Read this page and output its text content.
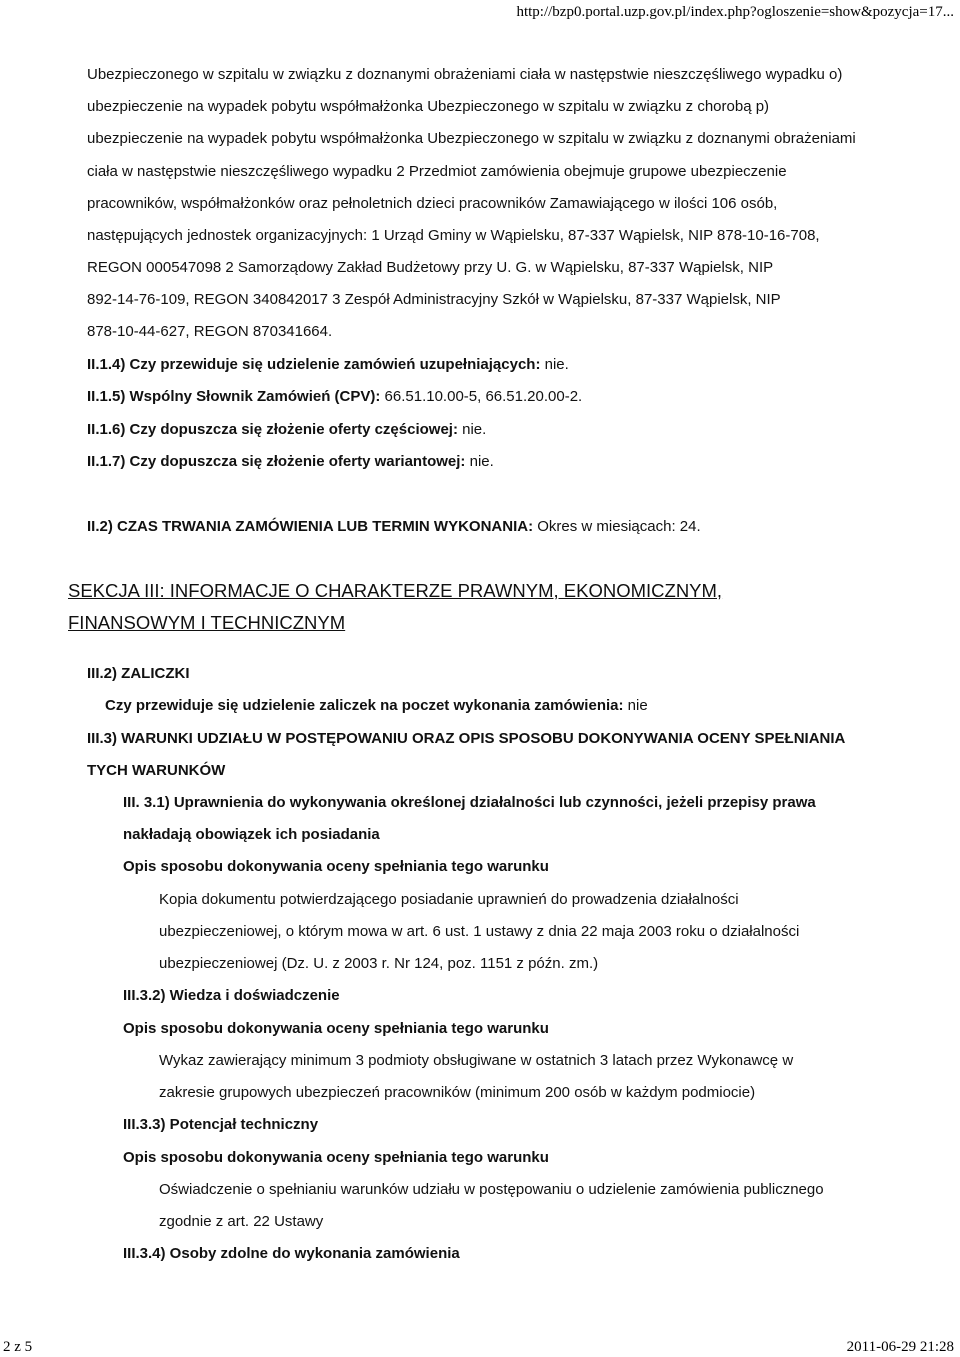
http://bzp0.portal.uzp.gov.pl/index.php?ogloszenie=show&pozycja=17...
Ubezpieczonego w szpitalu w związku z doznanymi obrażeniami ciała w następstwie nieszczęśliwego wypadku o)
ubezpieczenie na wypadek pobytu współmałżonka Ubezpieczonego w szpitalu w związku z chorobą p)
ubezpieczenie na wypadek pobytu współmałżonka Ubezpieczonego w szpitalu w związku z doznanymi obrażeniami
ciała w następstwie nieszczęśliwego wypadku 2 Przedmiot zamówienia obejmuje grupowe ubezpieczenie
pracowników, współmałżonków oraz pełnoletnich dzieci pracowników Zamawiającego w ilości 106 osób,
następujących jednostek organizacyjnych: 1 Urząd Gminy w Wąpielsku, 87-337 Wąpielsk, NIP 878-10-16-708,
REGON 000547098 2 Samorządowy Zakład Budżetowy przy U. G. w Wąpielsku, 87-337 Wąpielsk, NIP
892-14-76-109, REGON 340842017 3 Zespół Administracyjny Szkół w Wąpielsku, 87-337 Wąpielsk, NIP
878-10-44-627, REGON 870341664.
II.1.4) Czy przewiduje się udzielenie zamówień uzupełniających: nie.
II.1.5) Wspólny Słownik Zamówień (CPV): 66.51.10.00-5, 66.51.20.00-2.
II.1.6) Czy dopuszcza się złożenie oferty częściowej: nie.
II.1.7) Czy dopuszcza się złożenie oferty wariantowej: nie.
II.2) CZAS TRWANIA ZAMÓWIENIA LUB TERMIN WYKONANIA: Okres w miesiącach: 24.
SEKCJA III: INFORMACJE O CHARAKTERZE PRAWNYM, EKONOMICZNYM,
FINANSOWYM I TECHNICZNYM
III.2) ZALICZKI
Czy przewiduje się udzielenie zaliczek na poczet wykonania zamówienia: nie
III.3) WARUNKI UDZIAŁU W POSTĘPOWANIU ORAZ OPIS SPOSOBU DOKONYWANIA OCENY SPEŁNIANIA
TYCH WARUNKÓW
III. 3.1) Uprawnienia do wykonywania określonej działalności lub czynności, jeżeli przepisy prawa
nakładają obowiązek ich posiadania
Opis sposobu dokonywania oceny spełniania tego warunku
Kopia dokumentu potwierdzającego posiadanie uprawnień do prowadzenia działalności
ubezpieczeniowej, o którym mowa w art. 6 ust. 1 ustawy z dnia 22 maja 2003 roku o działalności
ubezpieczeniowej (Dz. U. z 2003 r. Nr 124, poz. 1151 z późn. zm.)
III.3.2) Wiedza i doświadczenie
Opis sposobu dokonywania oceny spełniania tego warunku
Wykaz zawierający minimum 3 podmioty obsługiwane w ostatnich 3 latach przez Wykonawcę w
zakresie grupowych ubezpieczeń pracowników (minimum 200 osób w każdym podmiocie)
III.3.3) Potencjał techniczny
Opis sposobu dokonywania oceny spełniania tego warunku
Oświadczenie o spełnianiu warunków udziału w postępowaniu o udzielenie zamówienia publicznego
zgodnie z art. 22 Ustawy
III.3.4) Osoby zdolne do wykonania zamówienia
2 z 5	2011-06-29 21:28
